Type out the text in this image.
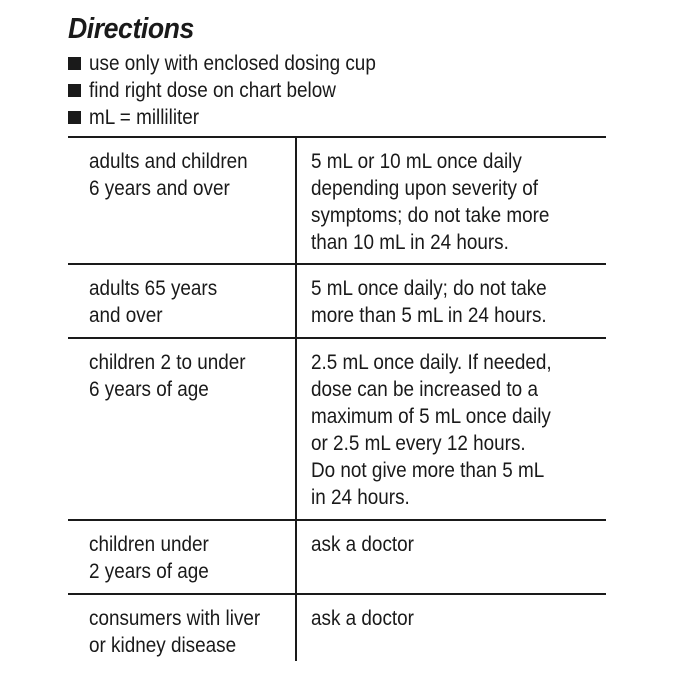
Directions
use only with enclosed dosing cup
find right dose on chart below
mL = milliliter
adults and children
6 years and over
5 mL or 10 mL once daily
depending upon severity of
symptoms; do not take more
than 10 mL in 24 hours.
adults 65 years
and over
5 mL once daily; do not take
more than 5 mL in 24 hours.
children 2 to under
6 years of age
2.5 mL once daily. If needed,
dose can be increased to a
maximum of 5 mL once daily
or 2.5 mL every 12 hours.
Do not give more than 5 mL
in 24 hours.
children under
2 years of age
ask a doctor
consumers with liver
or kidney disease
ask a doctor
